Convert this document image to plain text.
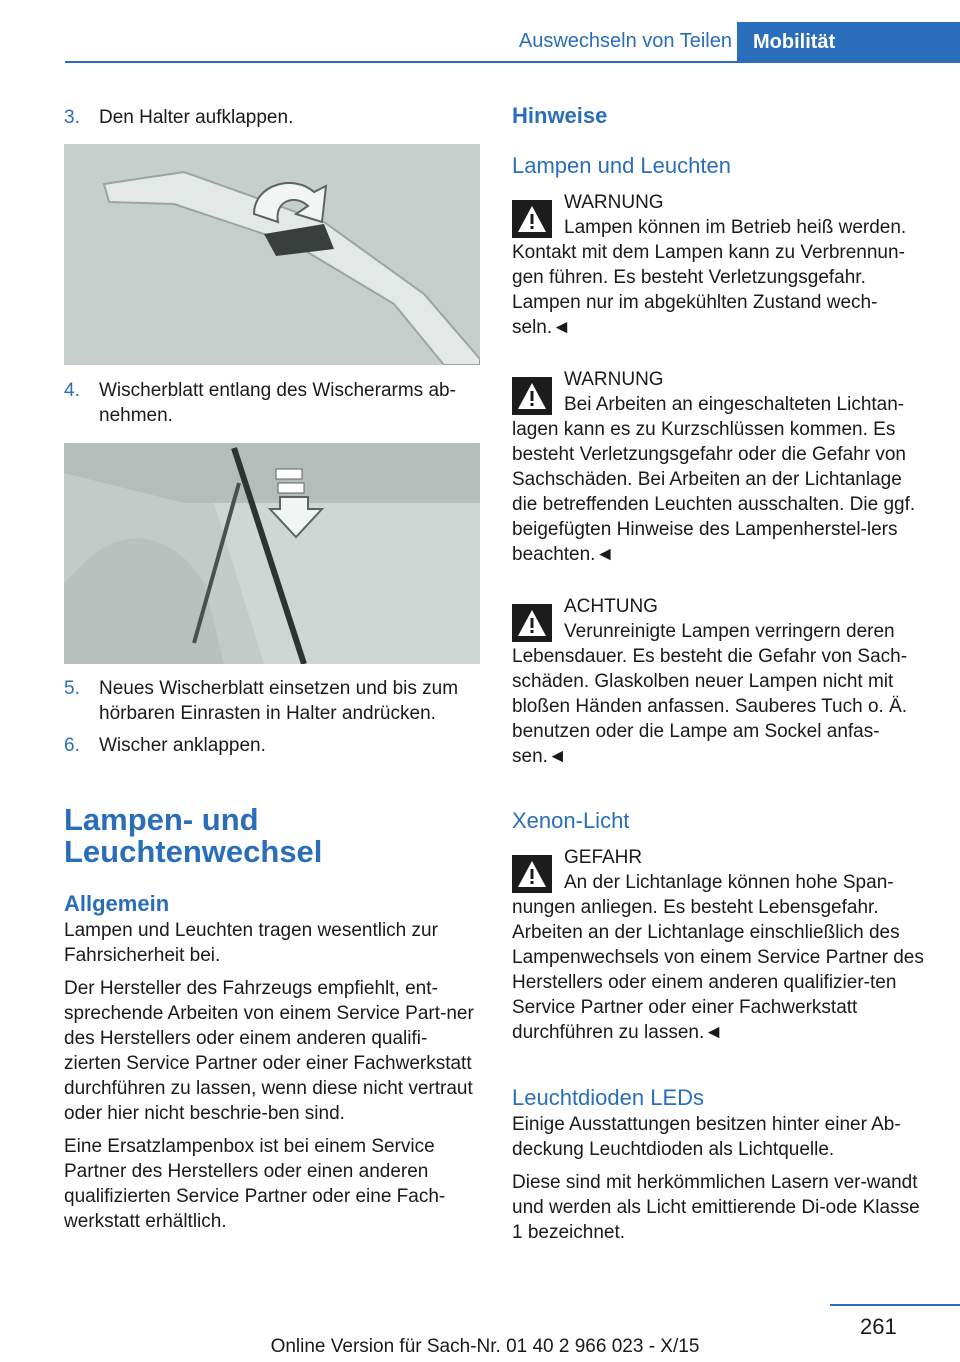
Auswechseln von Teilen	Mobilität
3. Den Halter aufklappen.
4. Wischerblatt entlang des Wischerarms ab-nehmen.
5. Neues Wischerblatt einsetzen und bis zum hörbaren Einrasten in Halter andrücken.
6. Wischer anklappen.
Lampen- und Leuchtenwechsel
Allgemein

Lampen und Leuchten tragen wesentlich zur Fahrsicherheit bei.

Der Hersteller des Fahrzeugs empfiehlt, ent-sprechende Arbeiten von einem Service Part-ner des Herstellers oder einem anderen qualifi-zierten Service Partner oder einer Fachwerkstatt durchführen zu lassen, wenn diese nicht vertraut oder hier nicht beschrie-ben sind.

Eine Ersatzlampenbox ist bei einem Service Partner des Herstellers oder einen anderen qualifizierten Service Partner oder eine Fach-werkstatt erhältlich.

Hinweise
Lampen und Leuchten
WARNUNG
Lampen können im Betrieb heiß werden.

Kontakt mit dem Lampen kann zu Verbrennun-gen führen. Es besteht Verletzungsgefahr. Lampen nur im abgekühlten Zustand wech-seln.◄

WARNUNG
Bei Arbeiten an eingeschalteten Lichtan-

lagen kann es zu Kurzschlüssen kommen. Es besteht Verletzungsgefahr oder die Gefahr von Sachschäden. Bei Arbeiten an der Lichtanlage die betreffenden Leuchten ausschalten. Die ggf. beigefügten Hinweise des Lampenherstel-lers beachten.◄

ACHTUNG
Verunreinigte Lampen verringern deren

Lebensdauer. Es besteht die Gefahr von Sach-schäden. Glaskolben neuer Lampen nicht mit bloßen Händen anfassen. Sauberes Tuch o. Ä. benutzen oder die Lampe am Sockel anfas-sen.◄

Xenon-Licht
GEFAHR
An der Lichtanlage können hohe Span-

nungen anliegen. Es besteht Lebensgefahr. Arbeiten an der Lichtanlage einschließlich des Lampenwechsels von einem Service Partner des Herstellers oder einem anderen qualifizier-ten Service Partner oder einer Fachwerkstatt durchführen zu lassen.◄

Leuchtdioden LEDs

Einige Ausstattungen besitzen hinter einer Ab-deckung Leuchtdioden als Lichtquelle.

Diese sind mit herkömmlichen Lasern ver-wandt und werden als Licht emittierende Di-ode Klasse 1 bezeichnet.

261
Online Version für Sach-Nr. 01 40 2 966 023 - X/15
